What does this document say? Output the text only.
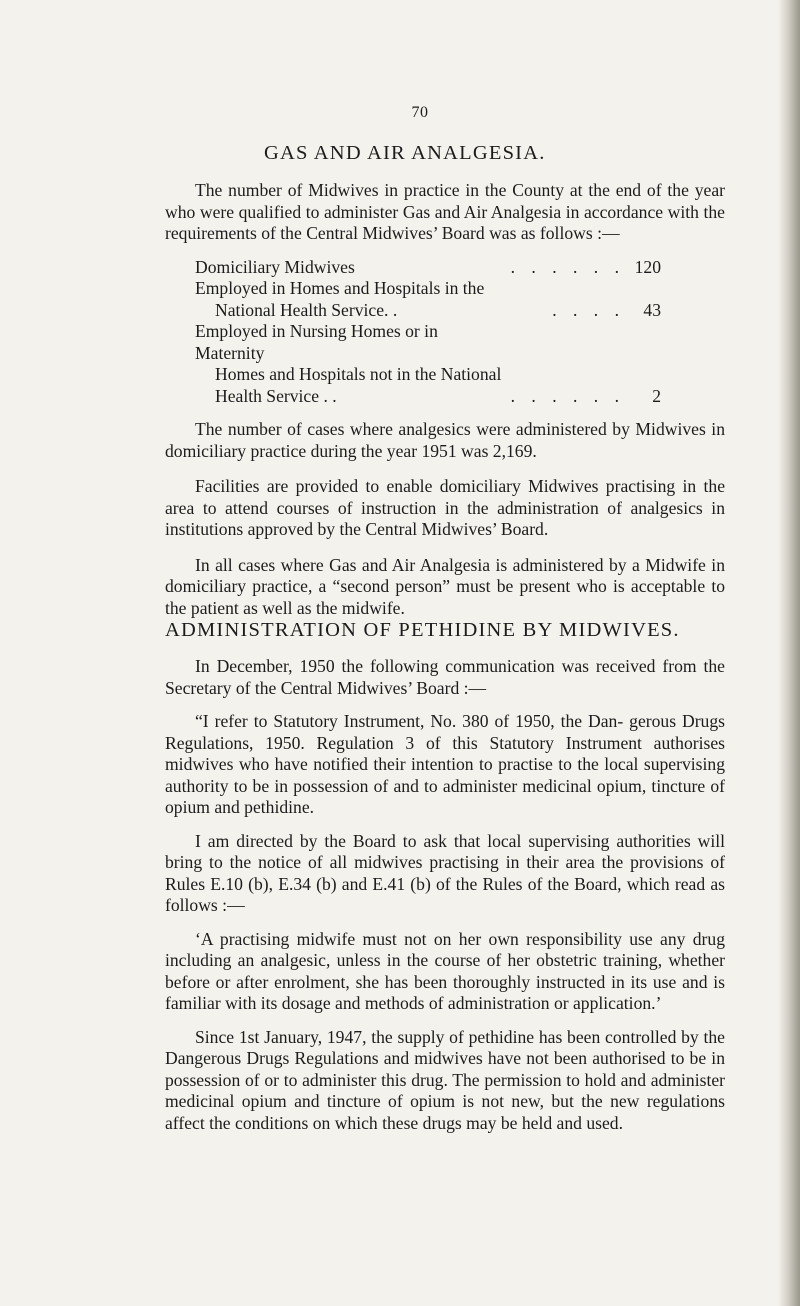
70
GAS AND AIR ANALGESIA.

The number of Midwives in practice in the County at the end of the year who were qualified to administer Gas and Air Analgesia in accordance with the requirements of the Central Midwives’ Board was as follows :—

Domiciliary Midwives	. . . . . . 120
Employed in Homes and Hospitals in the
National Health Service. .	. . . .	43
Employed in Nursing Homes or in Maternity
Homes and Hospitals not in the National Health Service . .	. . . . . .	2

The number of cases where analgesics were administered by Midwives in domiciliary practice during the year 1951 was 2,169.

Facilities are provided to enable domiciliary Midwives practising in the area to attend courses of instruction in the administration of analgesics in institutions approved by the Central Midwives’ Board.

In all cases where Gas and Air Analgesia is administered by a Midwife in domiciliary practice, a “second person” must be present who is acceptable to the patient as well as the midwife.

ADMINISTRATION OF PETHIDINE BY MIDWIVES.

In December, 1950 the following communication was received from the Secretary of the Central Midwives’ Board :—

“I refer to Statutory Instrument, No. 380 of 1950, the Dan- gerous Drugs Regulations, 1950. Regulation 3 of this Statutory Instrument authorises midwives who have notified their intention to practise to the local supervising authority to be in possession of and to administer medicinal opium, tincture of opium and pethidine.

I am directed by the Board to ask that local supervising authorities will bring to the notice of all midwives practising in their area the provisions of Rules E.10 (b), E.34 (b) and E.41 (b) of the Rules of the Board, which read as follows :—

‘A practising midwife must not on her own responsibility use any drug including an analgesic, unless in the course of her obstetric training, whether before or after enrolment, she has been thoroughly instructed in its use and is familiar with its dosage and methods of administration or application.’

Since 1st January, 1947, the supply of pethidine has been controlled by the Dangerous Drugs Regulations and midwives have not been authorised to be in possession of or to administer this drug. The permission to hold and administer medicinal opium and tincture of opium is not new, but the new regulations affect the conditions on which these drugs may be held and used.
